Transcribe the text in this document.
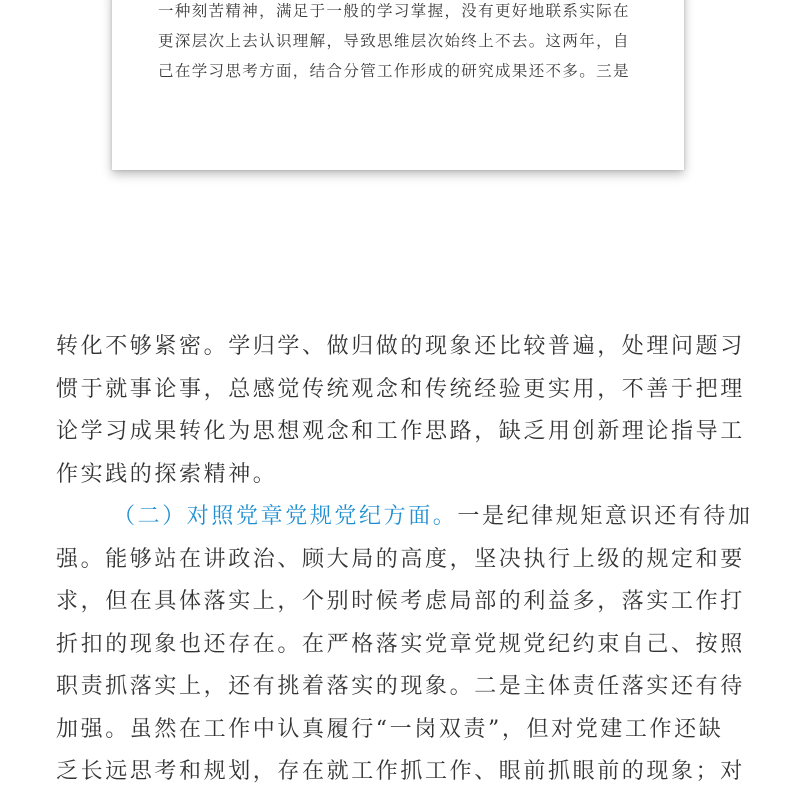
一种刻苦精神，满足于一般的学习掌握，没有更好地联系实际在
更深层次上去认识理解，导致思维层次始终上不去。这两年，自
己在学习思考方面，结合分管工作形成的研究成果还不多。三是
转化不够紧密。学归学、做归做的现象还比较普遍，处理问题习
惯于就事论事，总感觉传统观念和传统经验更实用，不善于把理
论学习成果转化为思想观念和工作思路，缺乏用创新理论指导工
作实践的探索精神。
（二）对照党章党规党纪方面。一是纪律规矩意识还有待加
强。能够站在讲政治、顾大局的高度，坚决执行上级的规定和要
求，但在具体落实上，个别时候考虑局部的利益多，落实工作打
折扣的现象也还存在。在严格落实党章党规党纪约束自己、按照
职责抓落实上，还有挑着落实的现象。二是主体责任落实还有待
加强。虽然在工作中认真履行“一岗双责”，但对党建工作还缺
乏长远思考和规划，存在就工作抓工作、眼前抓眼前的现象；对
